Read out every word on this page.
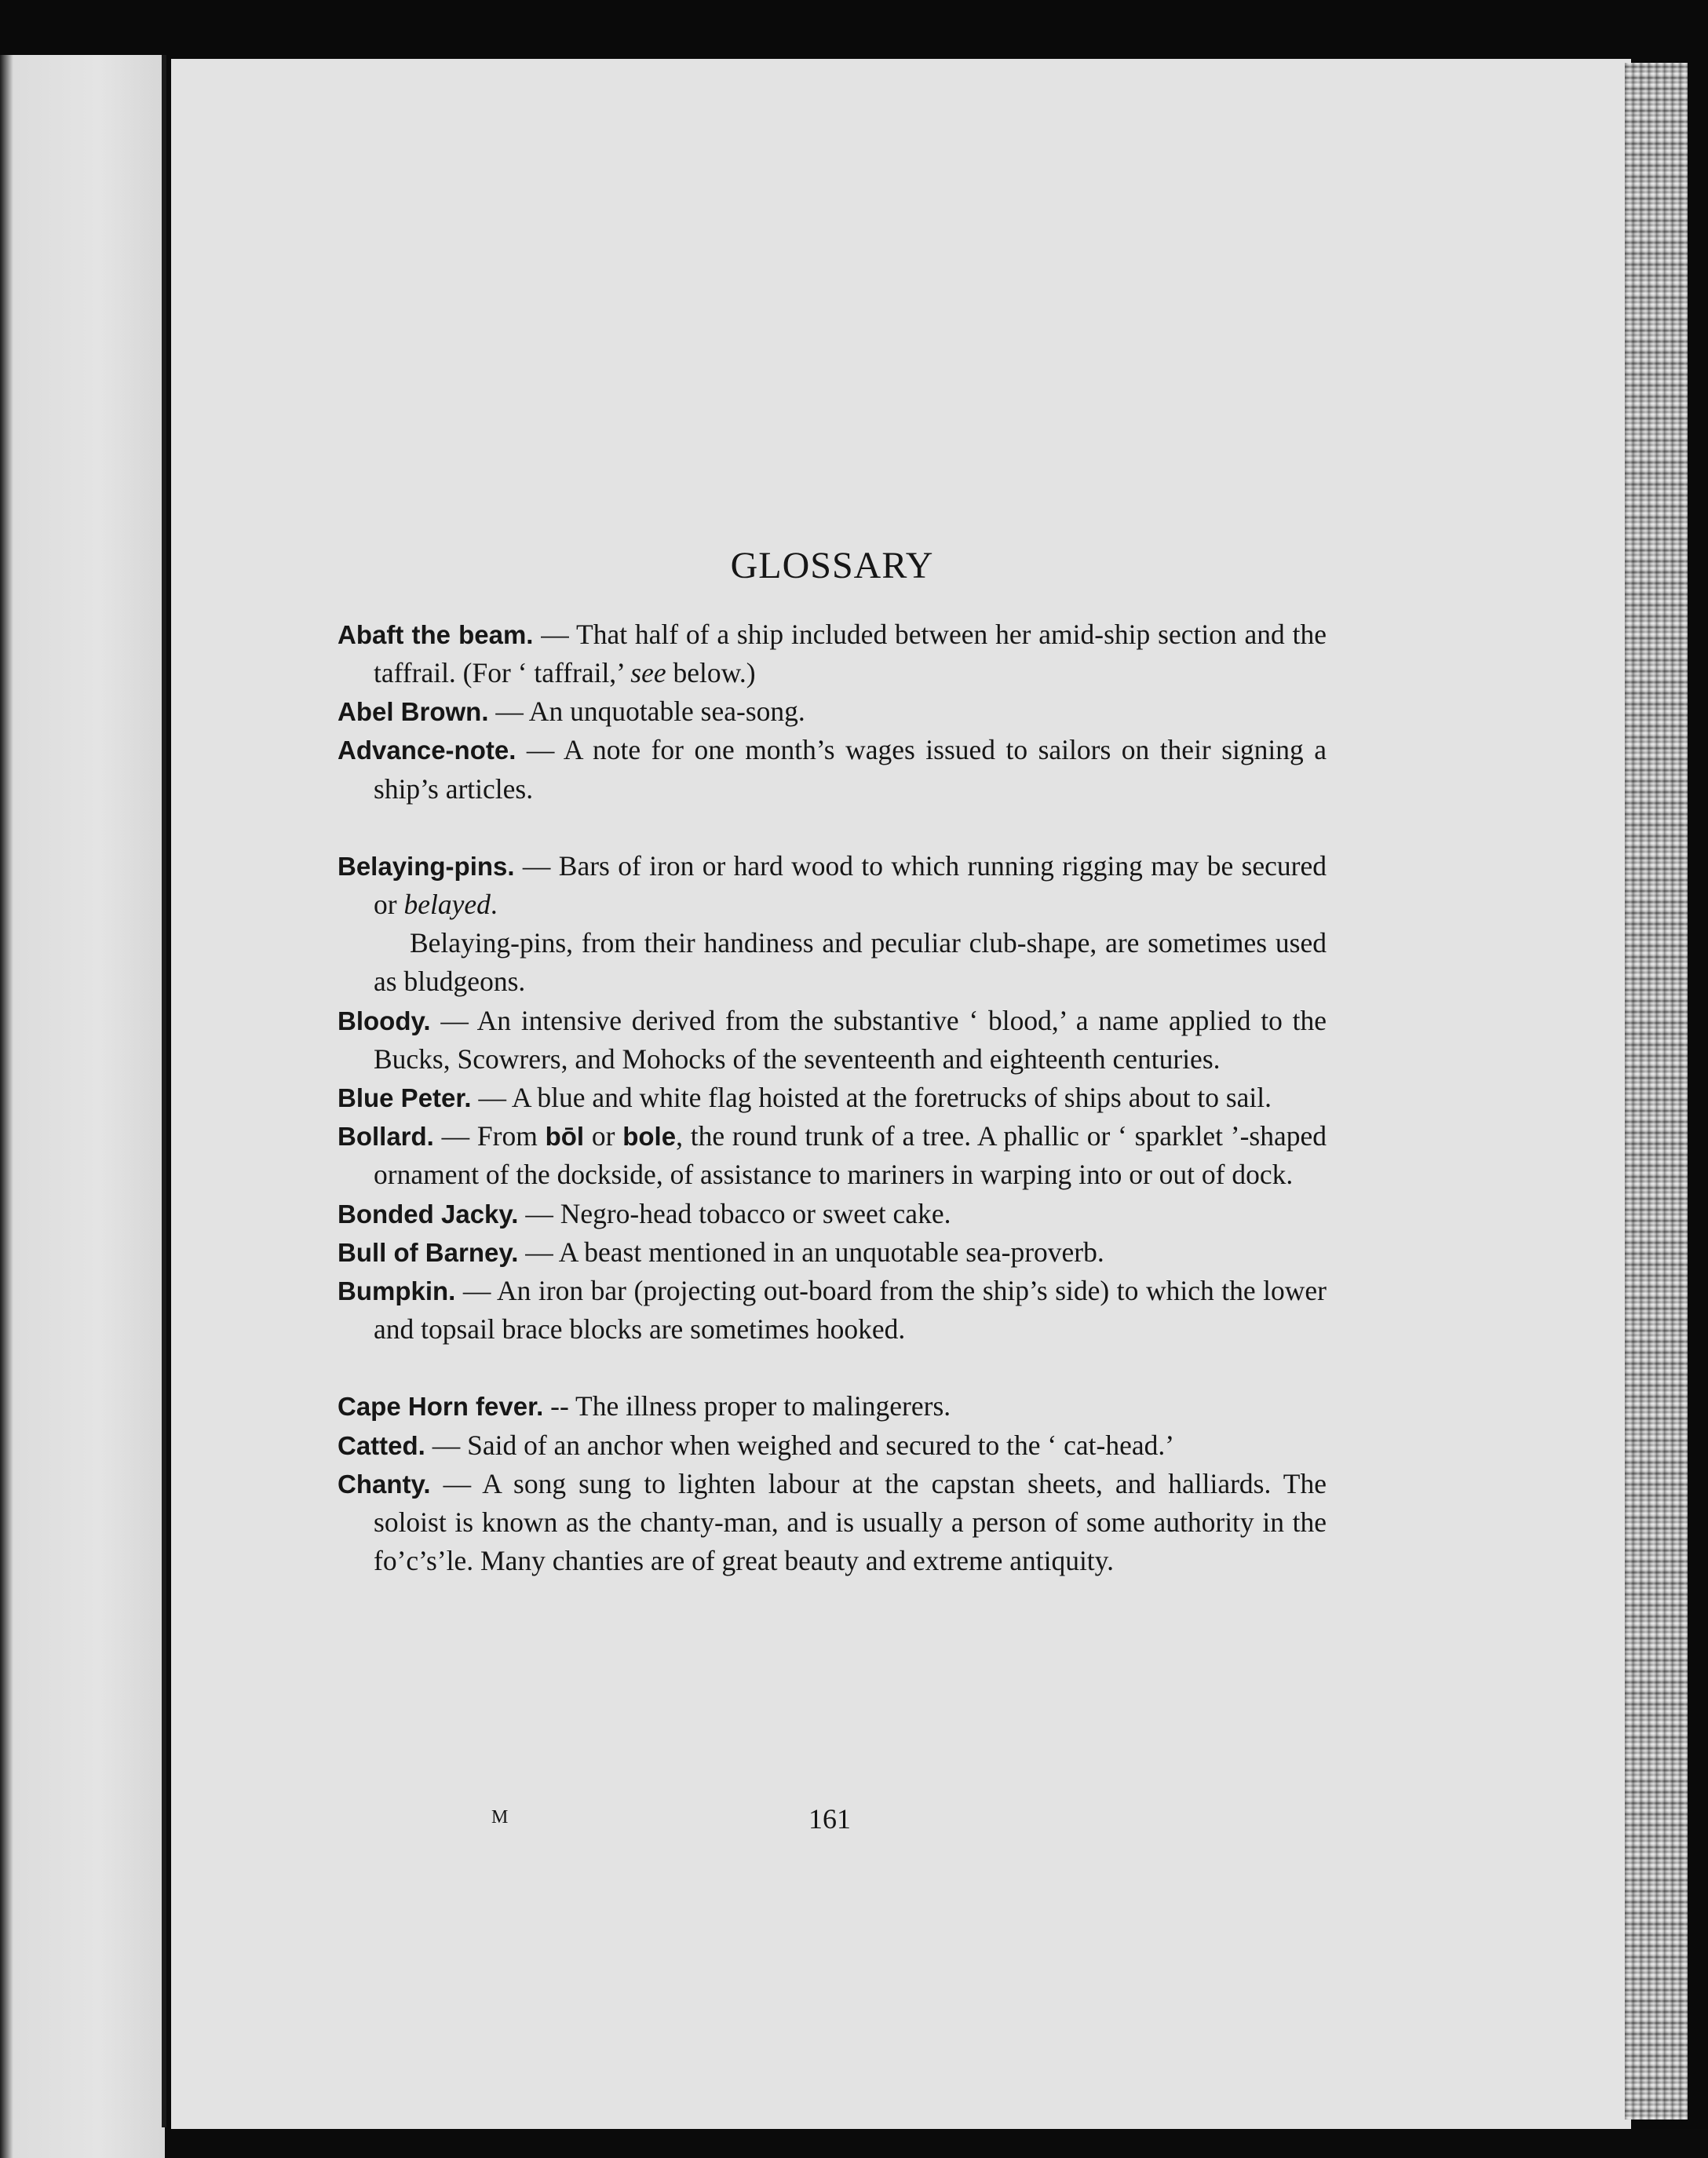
GLOSSARY

Abaft the beam. — That half of a ship included between her amid-ship section and the taffrail. (For ‘ taffrail,’ see below.)

Abel Brown. — An unquotable sea-song.

Advance-note. — A note for one month’s wages issued to sailors on their signing a ship’s articles.

Belaying-pins. — Bars of iron or hard wood to which running rigging may be secured or belayed.

Belaying-pins, from their handiness and peculiar club-shape, are sometimes used as bludgeons.

Bloody. — An intensive derived from the substantive ‘ blood,’ a name applied to the Bucks, Scowrers, and Mohocks of the seventeenth and eighteenth centuries.

Blue Peter. — A blue and white flag hoisted at the foretrucks of ships about to sail.

Bollard. — From bōl or bole, the round trunk of a tree. A phallic or ‘ sparklet ’-shaped ornament of the dockside, of assistance to mariners in warping into or out of dock.

Bonded Jacky. — Negro-head tobacco or sweet cake.

Bull of Barney. — A beast mentioned in an unquotable sea-proverb.

Bumpkin. — An iron bar (projecting out-board from the ship’s side) to which the lower and topsail brace blocks are sometimes hooked.

Cape Horn fever. -- The illness proper to malingerers.

Catted. — Said of an anchor when weighed and secured to the ‘ cat-head.’

Chanty. — A song sung to lighten labour at the capstan sheets, and halliards. The soloist is known as the chanty-man, and is usually a person of some authority in the fo’c’s’le. Many chanties are of great beauty and extreme antiquity.

M	161
